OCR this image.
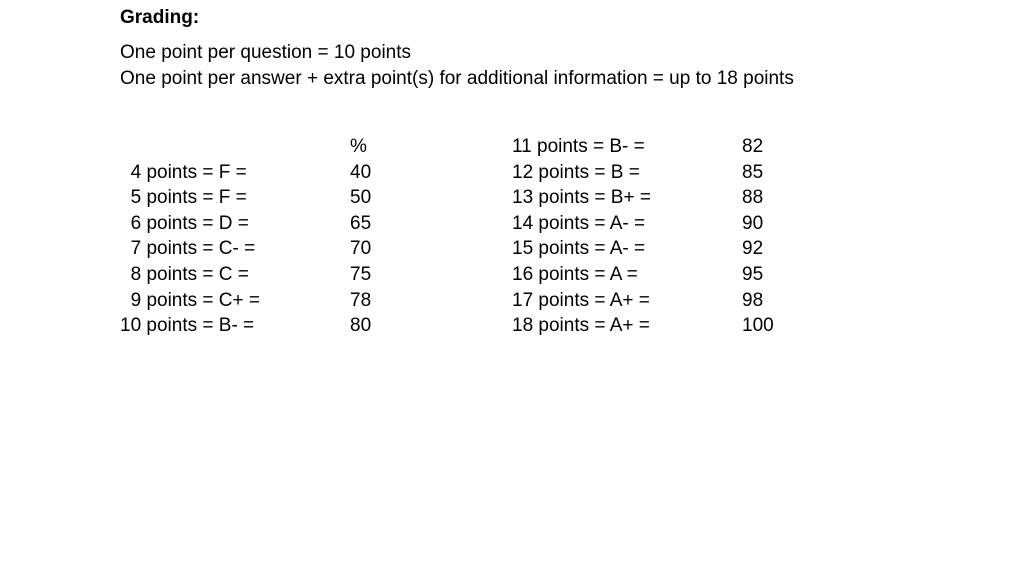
Grading:
One point per question = 10 points
One point per answer + extra point(s) for additional information = up to 18 points
%
4 points = F =	40
5 points = F =	50
6 points = D =	65
7 points = C- =	70
8 points = C =	75
9 points = C+ =	78
10 points = B- =	80
11 points = B- =	82
12 points = B =	85
13 points = B+ =	88
14 points = A- =	90
15 points = A- =	92
16 points = A =	95
17 points = A+ =	98
18 points = A+ =	100
